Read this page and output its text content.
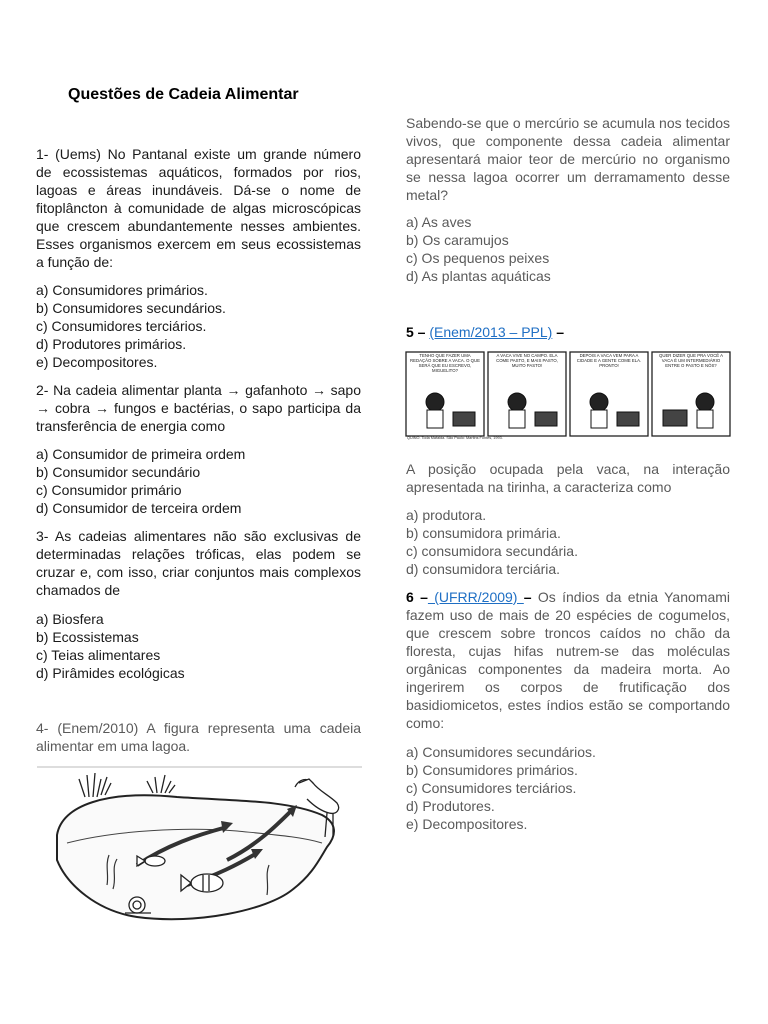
Questões de Cadeia Alimentar

1- (Uems) No Pantanal existe um grande número de ecossistemas aquáticos, formados por rios, lagoas e áreas inundáveis. Dá-se o nome de fitoplâncton à comunidade de algas microscópicas que crescem abundantemente nesses ambientes. Esses organismos exercem em seus ecossistemas a função de:

a) Consumidores primários.
b) Consumidores secundários.
c) Consumidores terciários.
d) Produtores primários.
e) Decompositores.

2- Na cadeia alimentar planta → gafanhoto → sapo → cobra → fungos e bactérias, o sapo participa da transferência de energia como

a) Consumidor de primeira ordem
b) Consumidor secundário
c) Consumidor primário
d) Consumidor de terceira ordem

3- As cadeias alimentares não são exclusivas de determinadas relações tróficas, elas podem se cruzar e, com isso, criar conjuntos mais complexos chamados de

a) Biosfera
b) Ecossistemas
c) Teias alimentares
d) Pirâmides ecológicas

4- (Enem/2010) A figura representa uma cadeia alimentar em uma lagoa.

Sabendo-se que o mercúrio se acumula nos tecidos vivos, que componente dessa cadeia alimentar apresentará maior teor de mercúrio no organismo se nessa lagoa ocorrer um derramamento desse metal?

a) As aves
b) Os caramujos
c) Os pequenos peixes
d) As plantas aquáticas

5 – (Enem/2013 – PPL) –

TENHO QUE FAZER UMA REDAÇÃO SOBRE A VACA. O QUE SERÁ QUE EU ESCREVO, MIGUELITO?
A VACA VIVE NO CAMPO. ELA COME PASTO, E MAIS PASTO, MUITO PASTO!
DEPOIS A VACA VEM PARA A CIDADE E A GENTE COME ELA. PRONTO!
QUER DIZER QUE PRA VOCÊ A VACA É UM INTERMEDIÁRIO ENTRE O PASTO E NÓS?
QUINO. Toda Mafalda. São Paulo: Martins Fontes, 1993.

A posição ocupada pela vaca, na interação apresentada na tirinha, a caracteriza como

a) produtora.
b) consumidora primária.
c) consumidora secundária.
d) consumidora terciária.

6 – (UFRR/2009) – Os índios da etnia Yanomami fazem uso de mais de 20 espécies de cogumelos, que crescem sobre troncos caídos no chão da floresta, cujas hifas nutrem-se das moléculas orgânicas componentes da madeira morta. Ao ingerirem os corpos de frutificação dos basidiomicetos, estes índios estão se comportando como:

a) Consumidores secundários.
b) Consumidores primários.
c) Consumidores terciários.
d) Produtores.
e) Decompositores.
